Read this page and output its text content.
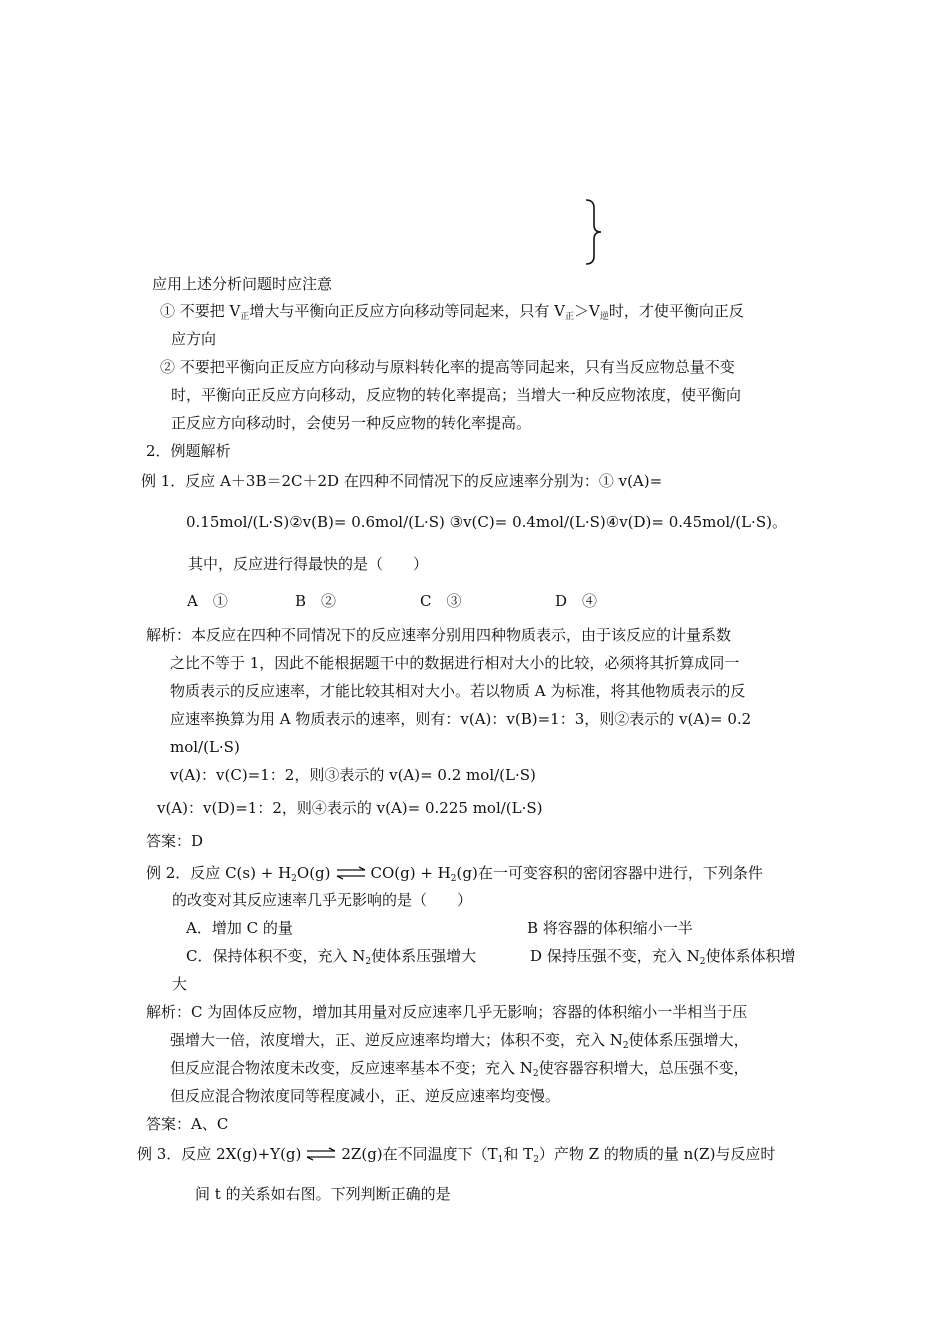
应用上述分析问题时应注意
① 不要把 $V_正$增大与平衡向正反应方向移动等同起来，只有 $V_正>V_逆$时，才使平衡向正反
应方向
② 不要把平衡向正反应方向移动与原料转化率的提高等同起来，只有当反应物总量不变
时，平衡向正反应方向移动，反应物的转化率提高；当增大一种反应物浓度，使平衡向
正反应方向移动时，会使另一种反应物的转化率提高。
2．例题解析
例 1．反应 A＋3B＝2C＋2D 在四种不同情况下的反应速率分别为：① v(A)=
0.15mol/(L·S)②v(B)= 0.6mol/(L·S) ③v(C)= 0.4mol/(L·S)④v(D)= 0.45mol/(L·S)。
其中，反应进行得最快的是（　　）
A　①	B　②	C　③	D　④
解析：本反应在四种不同情况下的反应速率分别用四种物质表示，由于该反应的计量系数
之比不等于 1，因此不能根据题干中的数据进行相对大小的比较，必须将其折算成同一
物质表示的反应速率，才能比较其相对大小。若以物质 A 为标准，将其他物质表示的反
应速率换算为用 A 物质表示的速率，则有：v(A)：v(B)=1：3，则②表示的 v(A)= 0.2
mol/(L·S)
v(A)：v(C)=1：2，则③表示的 v(A)= 0.2 mol/(L·S)
v(A)：v(D)=1：2，则④表示的 v(A)= 0.225 mol/(L·S)
答案：D
例 2．反应 $C(s) + H_2O(g)$ ⇌ $CO(g) + H_2(g)$在一可变容积的密闭容器中进行，下列条件
的改变对其反应速率几乎无影响的是（　　）
A．增加 C 的量	B 将容器的体积缩小一半
C．保持体积不变，充入 $N_2$使体系压强增大	D 保持压强不变，充入 $N_2$使体系体积增
大
解析：C 为固体反应物，增加其用量对反应速率几乎无影响；容器的体积缩小一半相当于压
强增大一倍，浓度增大，正、逆反应速率均增大；体积不变，充入 $N_2$使体系压强增大，
但反应混合物浓度未改变，反应速率基本不变；充入 $N_2$使容器容积增大，总压强不变，
但反应混合物浓度同等程度减小，正、逆反应速率均变慢。
答案：A、C
例 3．反应 2X(g)+Y(g) ⇌ 2Z(g)在不同温度下（$T_1$和 $T_2$）产物 Z 的物质的量 n(Z)与反应时
间 t 的关系如右图。下列判断正确的是
